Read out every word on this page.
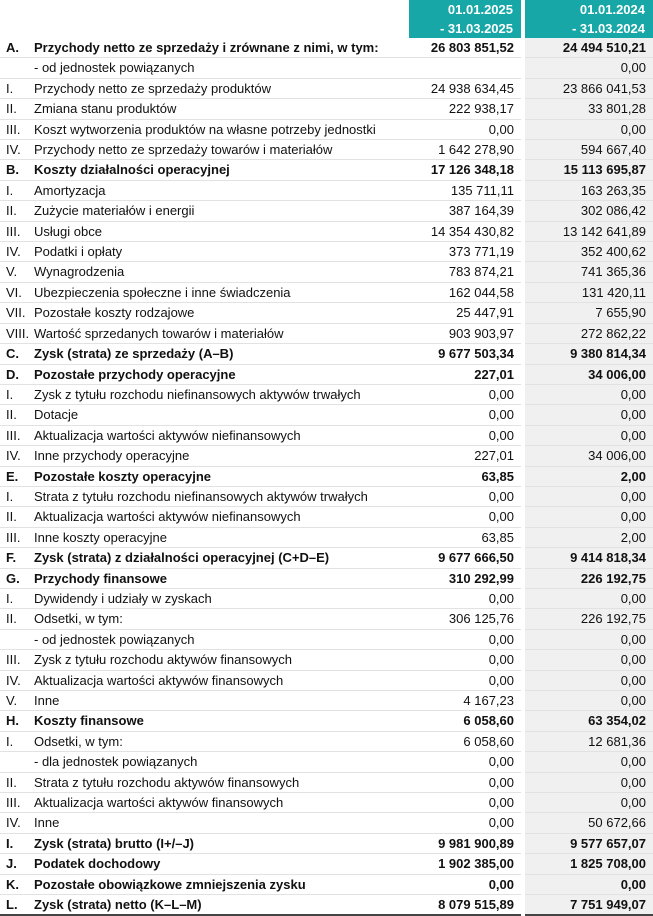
		01.01.2025	01.01.2024
		- 31.03.2025	- 31.03.2024
A.	Przychody netto ze sprzedaży i zrównane z nimi, w tym:	26 803 851,52	24 494 510,21
	- od jednostek powiązanych		0,00
I.	Przychody netto ze sprzedaży produktów	24 938 634,45	23 866 041,53
II.	Zmiana stanu produktów	222 938,17	33 801,28
III.	Koszt wytworzenia produktów na własne potrzeby jednostki	0,00	0,00
IV.	Przychody netto ze sprzedaży towarów i materiałów	1 642 278,90	594 667,40
B.	Koszty działalności operacyjnej	17 126 348,18	15 113 695,87
I.	Amortyzacja	135 711,11	163 263,35
II.	Zużycie materiałów i energii	387 164,39	302 086,42
III.	Usługi obce	14 354 430,82	13 142 641,89
IV.	Podatki i opłaty	373 771,19	352 400,62
V.	Wynagrodzenia	783 874,21	741 365,36
VI.	Ubezpieczenia społeczne i inne świadczenia	162 044,58	131 420,11
VII.	Pozostałe koszty rodzajowe	25 447,91	7 655,90
VIII.	Wartość sprzedanych towarów i materiałów	903 903,97	272 862,22
C.	Zysk (strata) ze sprzedaży (A–B)	9 677 503,34	9 380 814,34
D.	Pozostałe przychody operacyjne	227,01	34 006,00
I.	Zysk z tytułu rozchodu niefinansowych aktywów trwałych	0,00	0,00
II.	Dotacje	0,00	0,00
III.	Aktualizacja wartości aktywów niefinansowych	0,00	0,00
IV.	Inne przychody operacyjne	227,01	34 006,00
E.	Pozostałe koszty operacyjne	63,85	2,00
I.	Strata z tytułu rozchodu niefinansowych aktywów trwałych	0,00	0,00
II.	Aktualizacja wartości aktywów niefinansowych	0,00	0,00
III.	Inne koszty operacyjne	63,85	2,00
F.	Zysk (strata) z działalności operacyjnej (C+D–E)	9 677 666,50	9 414 818,34
G.	Przychody finansowe	310 292,99	226 192,75
I.	Dywidendy i udziały w zyskach	0,00	0,00
II.	Odsetki, w tym:	306 125,76	226 192,75
	- od jednostek powiązanych	0,00	0,00
III.	Zysk z tytułu rozchodu aktywów finansowych	0,00	0,00
IV.	Aktualizacja wartości aktywów finansowych	0,00	0,00
V.	Inne	4 167,23	0,00
H.	Koszty finansowe	6 058,60	63 354,02
I.	Odsetki, w tym:	6 058,60	12 681,36
	- dla jednostek powiązanych	0,00	0,00
II.	Strata z tytułu rozchodu aktywów finansowych	0,00	0,00
III.	Aktualizacja wartości aktywów finansowych	0,00	0,00
IV.	Inne	0,00	50 672,66
I.	Zysk (strata) brutto (I+/–J)	9 981 900,89	9 577 657,07
J.	Podatek dochodowy	1 902 385,00	1 825 708,00
K.	Pozostałe obowiązkowe zmniejszenia zysku	0,00	0,00
L.	Zysk (strata) netto (K–L–M)	8 079 515,89	7 751 949,07
